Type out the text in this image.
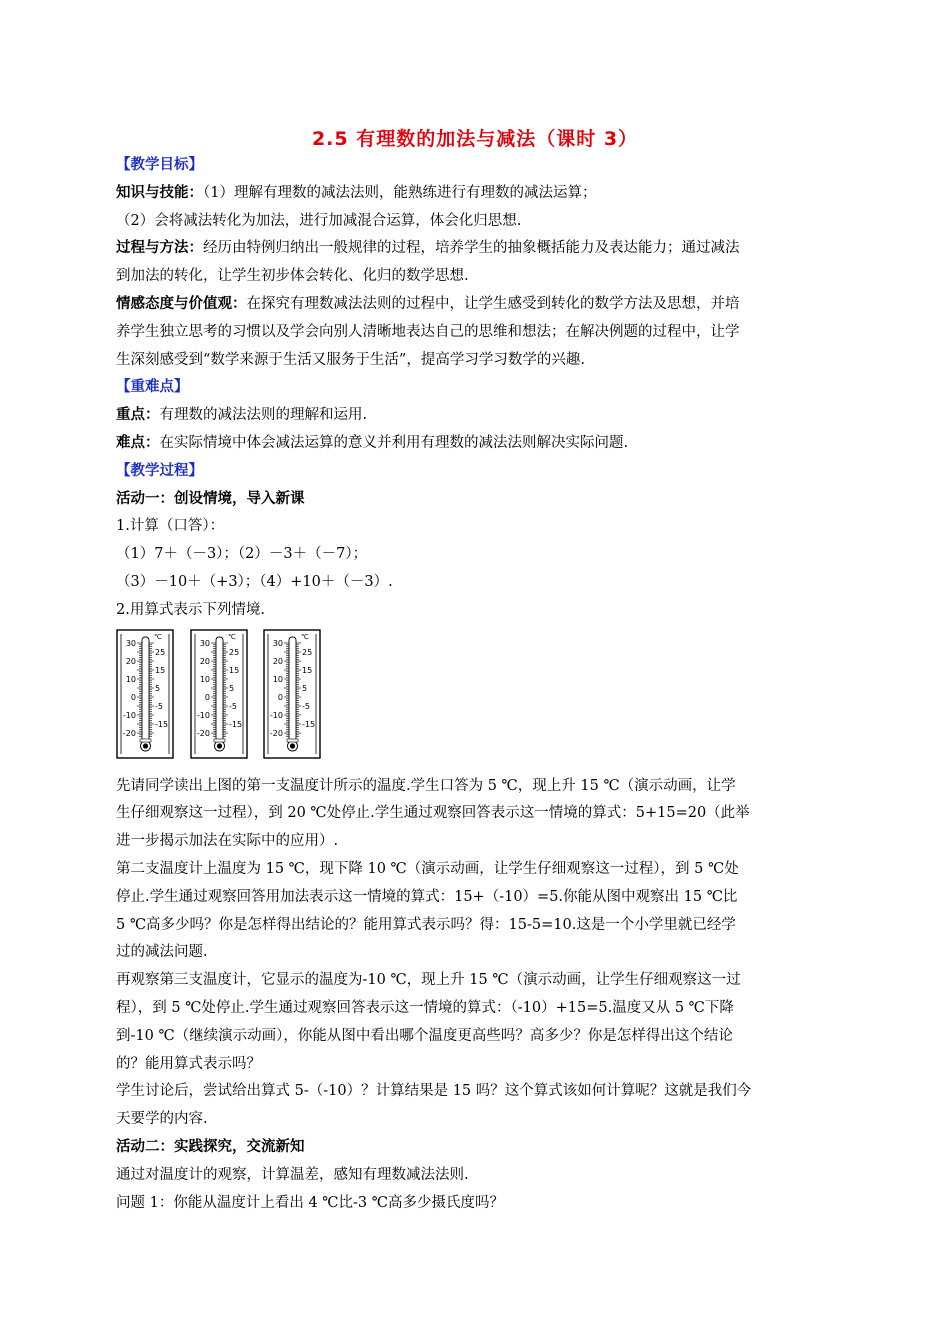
2.5 有理数的加法与减法（课时 3）
【教学目标】
知识与技能：（1）理解有理数的减法法则，能熟练进行有理数的减法运算；
（2）会将减法转化为加法，进行加减混合运算，体会化归思想.
过程与方法：经历由特例归纳出一般规律的过程，培养学生的抽象概括能力及表达能力；通过减法
到加法的转化，让学生初步体会转化、化归的数学思想.
情感态度与价值观：在探究有理数减法法则的过程中，让学生感受到转化的数学方法及思想，并培
养学生独立思考的习惯以及学会向别人清晰地表达自己的思维和想法；在解决例题的过程中，让学
生深刻感受到“数学来源于生活又服务于生活”，提高学习学习数学的兴趣.
【重难点】
重点：有理数的减法法则的理解和运用.
难点：在实际情境中体会减法运算的意义并利用有理数的减法法则解决实际问题.
【教学过程】
活动一：创设情境，导入新课
1.计算（口答）：
（1）7＋（－3）；（2）－3＋（－7）；
（3）－10＋（+3）；（4）+10＋（－3）.
2.用算式表示下列情境.
℃
30
20
10
0
-10
-20
25
15
5
-5
-15
℃
30
20
10
0
-10
-20
25
15
5
-5
-15
℃
30
20
10
0
-10
-20
25
15
5
-5
-15
先请同学读出上图的第一支温度计所示的温度.学生口答为 5 ℃，现上升 15 ℃（演示动画，让学
生仔细观察这一过程），到 20 ℃处停止.学生通过观察回答表示这一情境的算式：5+15=20（此举
进一步揭示加法在实际中的应用）.
第二支温度计上温度为 15 ℃，现下降 10 ℃（演示动画，让学生仔细观察这一过程），到 5 ℃处
停止.学生通过观察回答用加法表示这一情境的算式：15+（-10）=5.你能从图中观察出 15 ℃比
5 ℃高多少吗？你是怎样得出结论的？能用算式表示吗？得：15-5=10.这是一个小学里就已经学
过的减法问题.
再观察第三支温度计，它显示的温度为-10 ℃，现上升 15 ℃（演示动画，让学生仔细观察这一过
程），到 5 ℃处停止.学生通过观察回答表示这一情境的算式：（-10）+15=5.温度又从 5 ℃下降
到-10 ℃（继续演示动画），你能从图中看出哪个温度更高些吗？高多少？你是怎样得出这个结论
的？能用算式表示吗？
学生讨论后，尝试给出算式 5-（-10）？计算结果是 15 吗？这个算式该如何计算呢？这就是我们今
天要学的内容.
活动二：实践探究，交流新知
通过对温度计的观察，计算温差，感知有理数减法法则.
问题 1：你能从温度计上看出 4 ℃比-3 ℃高多少摄氏度吗？
